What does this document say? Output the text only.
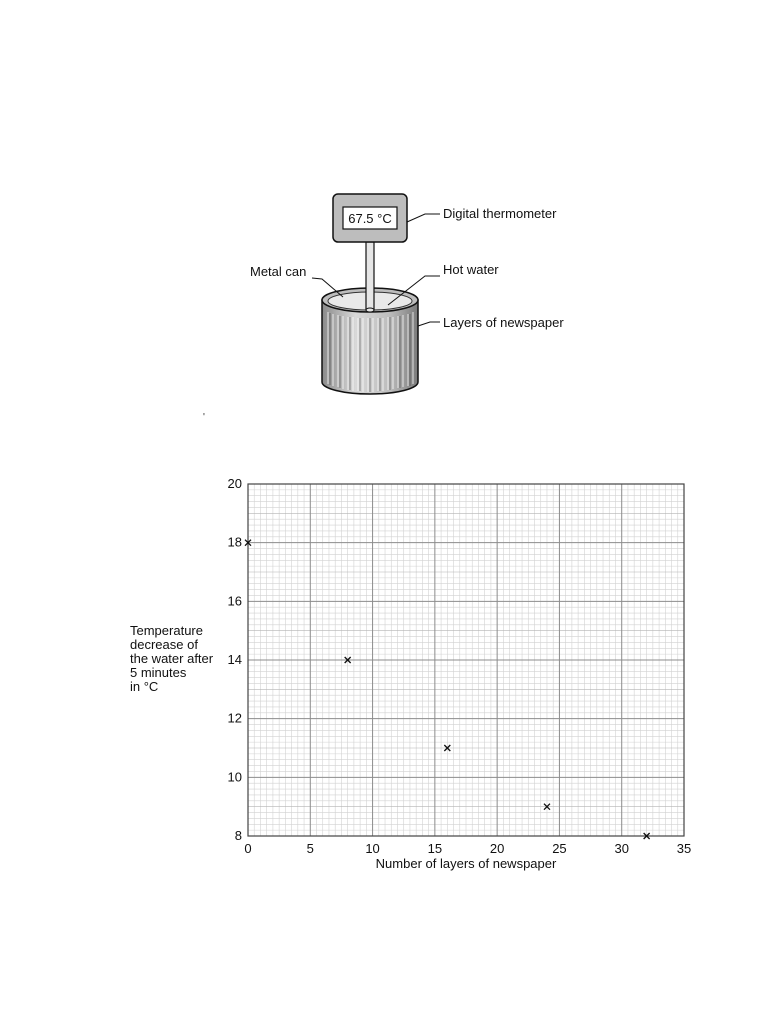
67.5 °C	Digital thermometer
Metal can	Hot water
Layers of newspaper
'
0	5	10	15	20	25	30	35
8
10
12
14
16
18
20
Temperature
decrease of
the water after
5 minutes
in °C
Number of layers of newspaper
